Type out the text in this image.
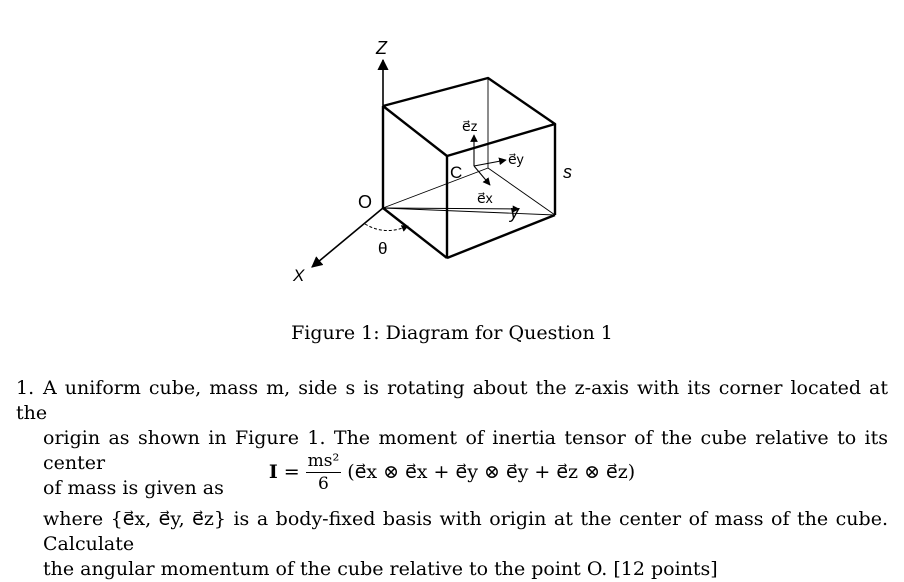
Z
X
y
O
C	s
θ
e⃗z
e⃗y
e⃗x
Figure 1: Diagram for Question 1
1. A uniform cube, mass m, side s is rotating about the z-axis with its corner located at the
origin as shown in Figure 1. The moment of inertia tensor of the cube relative to its center
of mass is given as
$I = \frac{\text{ms²}}{6}$ (e⃗x ⊗ e⃗x + e⃗y ⊗ e⃗y + e⃗z ⊗ e⃗z)
where {e⃗x, e⃗y, e⃗z} is a body-fixed basis with origin at the center of mass of the cube. Calculate
the angular momentum of the cube relative to the point O. [12 points]
